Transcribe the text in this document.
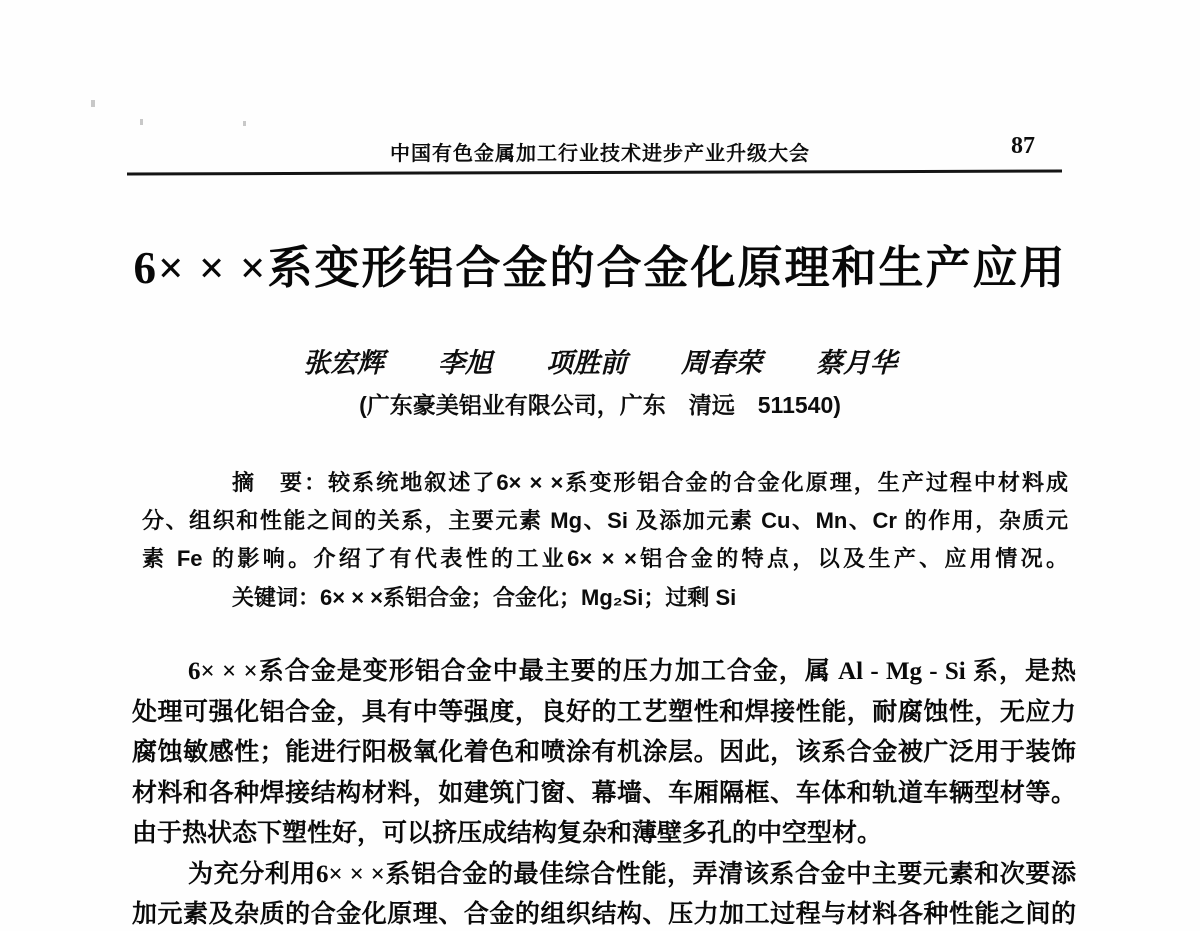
中国有色金属加工行业技术进步产业升级大会	87
6× × ×系变形铝合金的合金化原理和生产应用
张宏辉　　李旭　　项胜前　　周春荣　　蔡月华
(广东豪美铝业有限公司，广东　清远　511540)
摘　要：较系统地叙述了6× × ×系变形铝合金的合金化原理，生产过程中材料成
分、组织和性能之间的关系，主要元素 Mg、Si 及添加元素 Cu、Mn、Cr 的作用，杂质元
素 Fe 的影响。介绍了有代表性的工业6× × ×铝合金的特点，以及生产、应用情况。
关键词：6× × ×系铝合金；合金化；Mg₂Si；过剩 Si
6× × ×系合金是变形铝合金中最主要的压力加工合金，属 Al - Mg - Si 系，是热
处理可强化铝合金，具有中等强度，良好的工艺塑性和焊接性能，耐腐蚀性，无应力
腐蚀敏感性；能进行阳极氧化着色和喷涂有机涂层。因此，该系合金被广泛用于装饰
材料和各种焊接结构材料，如建筑门窗、幕墙、车厢隔框、车体和轨道车辆型材等。
由于热状态下塑性好，可以挤压成结构复杂和薄壁多孔的中空型材。
为充分利用6× × ×系铝合金的最佳综合性能，弄清该系合金中主要元素和次要添
加元素及杂质的合金化原理、合金的组织结构、压力加工过程与材料各种性能之间的
